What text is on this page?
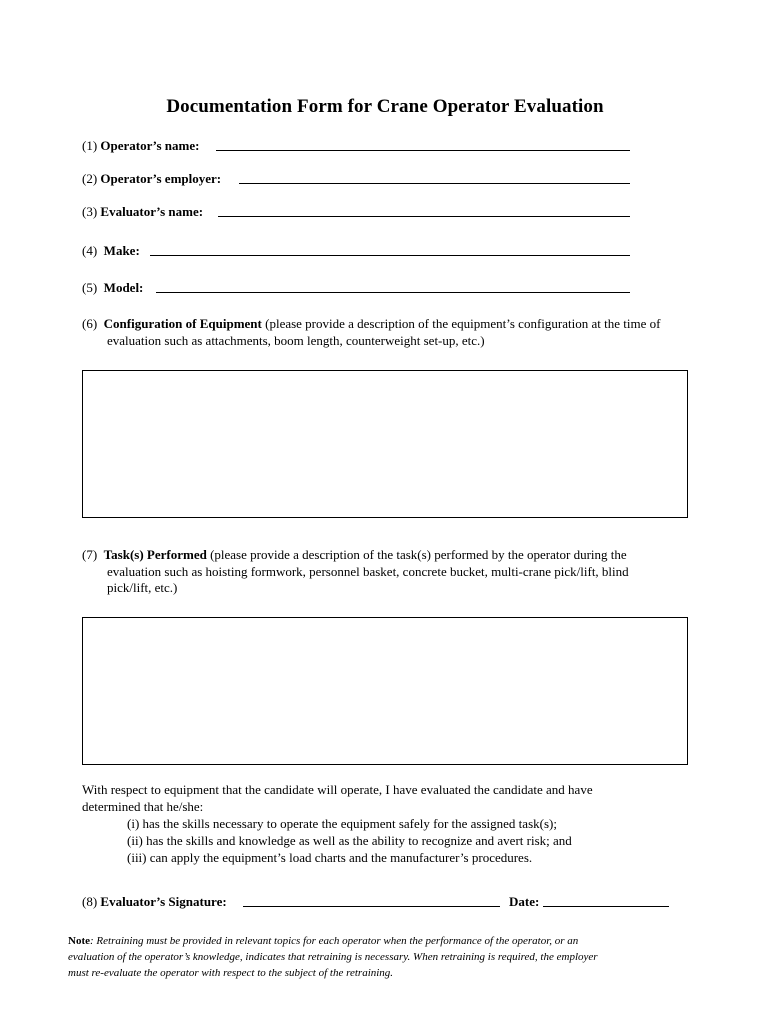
Documentation Form for Crane Operator Evaluation
(1) Operator’s name:
(2) Operator’s employer:
(3) Evaluator’s name:
(4) Make:
(5) Model:
(6) Configuration of Equipment (please provide a description of the equipment’s configuration at the time of
evaluation such as attachments, boom length, counterweight set-up, etc.)
(7) Task(s) Performed (please provide a description of the task(s) performed by the operator during the
evaluation such as hoisting formwork, personnel basket, concrete bucket, multi-crane pick/lift, blind
pick/lift, etc.)
With respect to equipment that the candidate will operate, I have evaluated the candidate and have
determined that he/she:
(i) has the skills necessary to operate the equipment safely for the assigned task(s);
(ii) has the skills and knowledge as well as the ability to recognize and avert risk; and
(iii) can apply the equipment’s load charts and the manufacturer’s procedures.
(8) Evaluator’s Signature:	Date:
Note: Retraining must be provided in relevant topics for each operator when the performance of the operator, or an
evaluation of the operator’s knowledge, indicates that retraining is necessary. When retraining is required, the employer
must re-evaluate the operator with respect to the subject of the retraining.
